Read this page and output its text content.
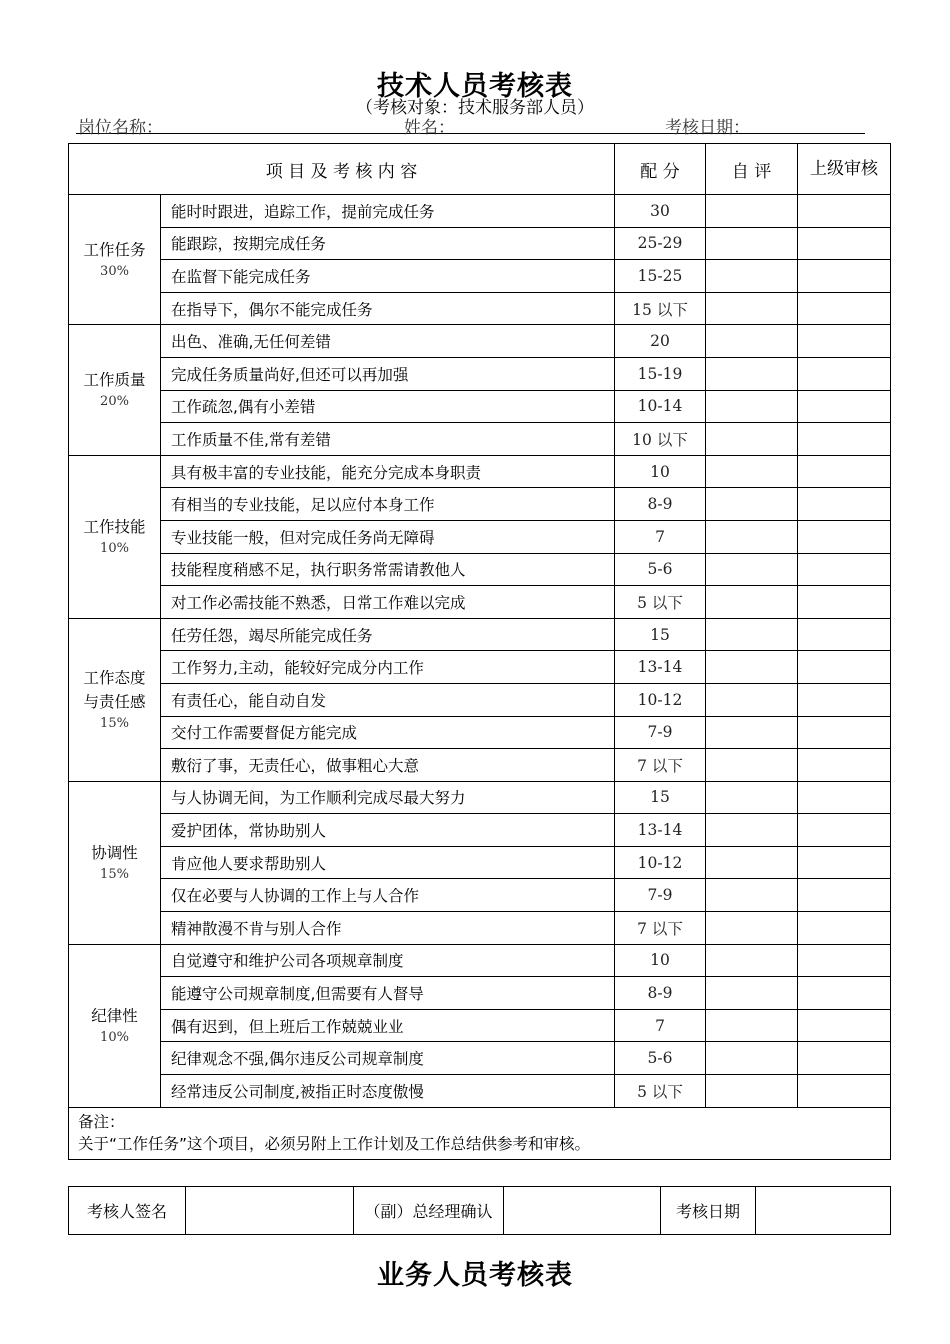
技术人员考核表
（考核对象：技术服务部人员）
岗位名称：	姓名：	考核日期：
项 目 及 考 核 内 容		配 分	自 评	上级审核

工作任务
30%	能时时跟进，追踪工作，提前完成任务	30		
	能跟踪，按期完成任务	25-29		
	在监督下能完成任务	15-25		
	在指导下，偶尔不能完成任务	15 以下		

工作质量
20%	出色、准确,无任何差错	20		
	完成任务质量尚好,但还可以再加强	15-19		
	工作疏忽,偶有小差错	10-14		
	工作质量不佳,常有差错	10 以下		

工作技能
10%	具有极丰富的专业技能，能充分完成本身职责	10		
	有相当的专业技能，足以应付本身工作	8-9		
	专业技能一般，但对完成任务尚无障碍	7		
	技能程度稍感不足，执行职务常需请教他人	5-6		
	对工作必需技能不熟悉，日常工作难以完成	5 以下		

工作态度
与责任感
15%	任劳任怨，竭尽所能完成任务	15		
	工作努力,主动，能较好完成分内工作	13-14		
	有责任心，能自动自发	10-12		
	交付工作需要督促方能完成	7-9		
	敷衍了事，无责任心，做事粗心大意	7 以下		

协调性
15%	与人协调无间，为工作顺利完成尽最大努力	15		
	爱护团体，常协助别人	13-14		
	肯应他人要求帮助别人	10-12		
	仅在必要与人协调的工作上与人合作	7-9		
	精神散漫不肯与别人合作	7 以下		

纪律性
10%	自觉遵守和维护公司各项规章制度	10		
	能遵守公司规章制度,但需要有人督导	8-9		
	偶有迟到，但上班后工作兢兢业业	7		
	纪律观念不强,偶尔违反公司规章制度	5-6		
	经常违反公司制度,被指正时态度傲慢	5 以下		

备注：
关于“工作任务”这个项目，必须另附上工作计划及工作总结供参考和审核。				
考核人签名		（副）总经理确认		考核日期	
业务人员考核表
